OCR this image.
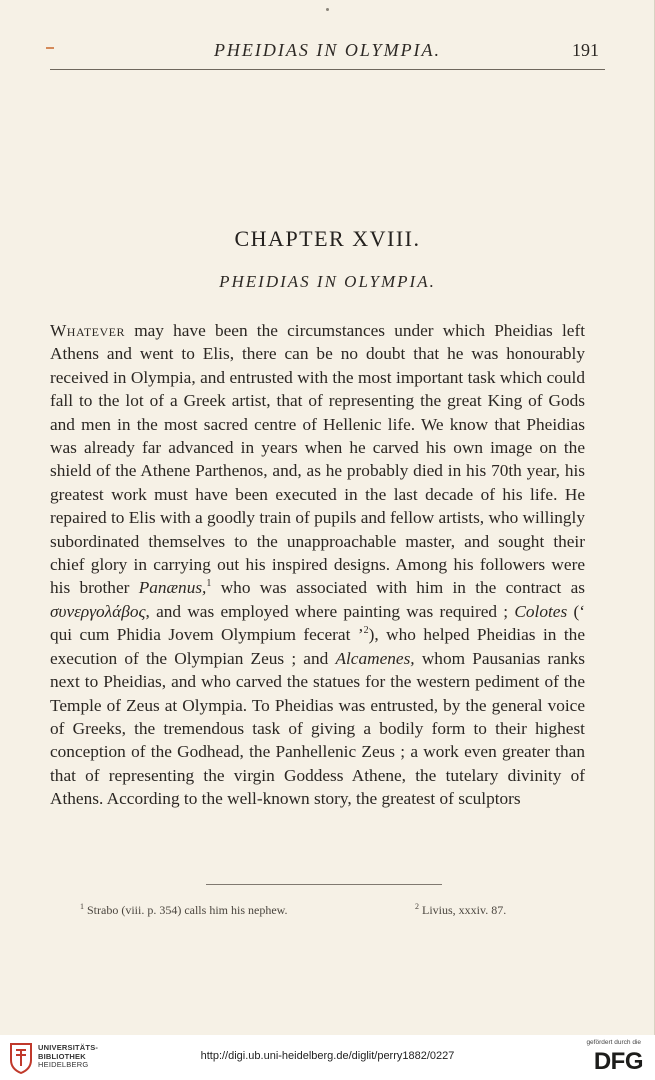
PHEIDIAS IN OLYMPIA.	191
CHAPTER XVIII.
PHEIDIAS IN OLYMPIA.
Whatever may have been the circumstances under which Pheidias left Athens and went to Elis, there can be no doubt that he was honourably received in Olympia, and entrusted with the most important task which could fall to the lot of a Greek artist, that of representing the great King of Gods and men in the most sacred centre of Hellenic life. We know that Pheidias was already far advanced in years when he carved his own image on the shield of the Athene Parthenos, and, as he probably died in his 70th year, his greatest work must have been executed in the last decade of his life. He repaired to Elis with a goodly train of pupils and fellow artists, who willingly subordinated themselves to the unapproachable master, and sought their chief glory in carrying out his inspired designs. Among his followers were his brother Panænus,$^1$ who was associated with him in the contract as συνεργολάβος, and was employed where painting was required ; Colotes (‘ qui cum Phidia Jovem Olympium fecerat ’$^2$), who helped Pheidias in the execution of the Olympian Zeus ; and Alcamenes, whom Pausanias ranks next to Pheidias, and who carved the statues for the western pediment of the Temple of Zeus at Olympia. To Pheidias was entrusted, by the general voice of Greeks, the tremendous task of giving a bodily form to their highest conception of the Godhead, the Panhellenic Zeus ; a work even greater than that of representing the virgin Goddess Athene, the tutelary divinity of Athens. According to the well-known story, the greatest of sculptors
$^1$ Strabo (viii. p. 354) calls him his nephew.	$^2$ Livius, xxxiv. 87.
UNIVERSITÄTS-
BIBLIOTHEK
HEIDELBERG
http://digi.ub.uni-heidelberg.de/diglit/perry1882/0227
gefördert durch die
DFG
